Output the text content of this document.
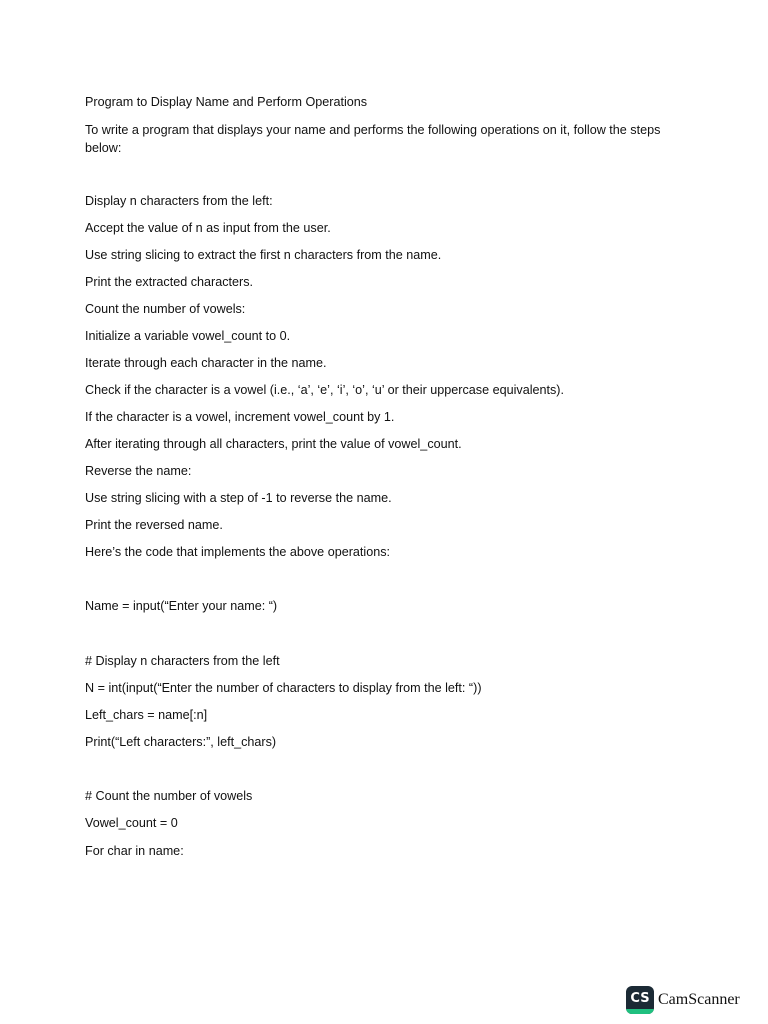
Program to Display Name and Perform Operations
To write a program that displays your name and performs the following operations on it, follow the steps
below:
Display n characters from the left:
Accept the value of n as input from the user.
Use string slicing to extract the first n characters from the name.
Print the extracted characters.
Count the number of vowels:
Initialize a variable vowel_count to 0.
Iterate through each character in the name.
Check if the character is a vowel (i.e., ‘a’, ‘e’, ‘i’, ‘o’, ‘u’ or their uppercase equivalents).
If the character is a vowel, increment vowel_count by 1.
After iterating through all characters, print the value of vowel_count.
Reverse the name:
Use string slicing with a step of -1 to reverse the name.
Print the reversed name.
Here’s the code that implements the above operations:
Name = input(“Enter your name: “)
# Display n characters from the left
N = int(input(“Enter the number of characters to display from the left: “))
Left_chars = name[:n]
Print(“Left characters:”, left_chars)
# Count the number of vowels
Vowel_count = 0
For char in name:
CS CamScanner
